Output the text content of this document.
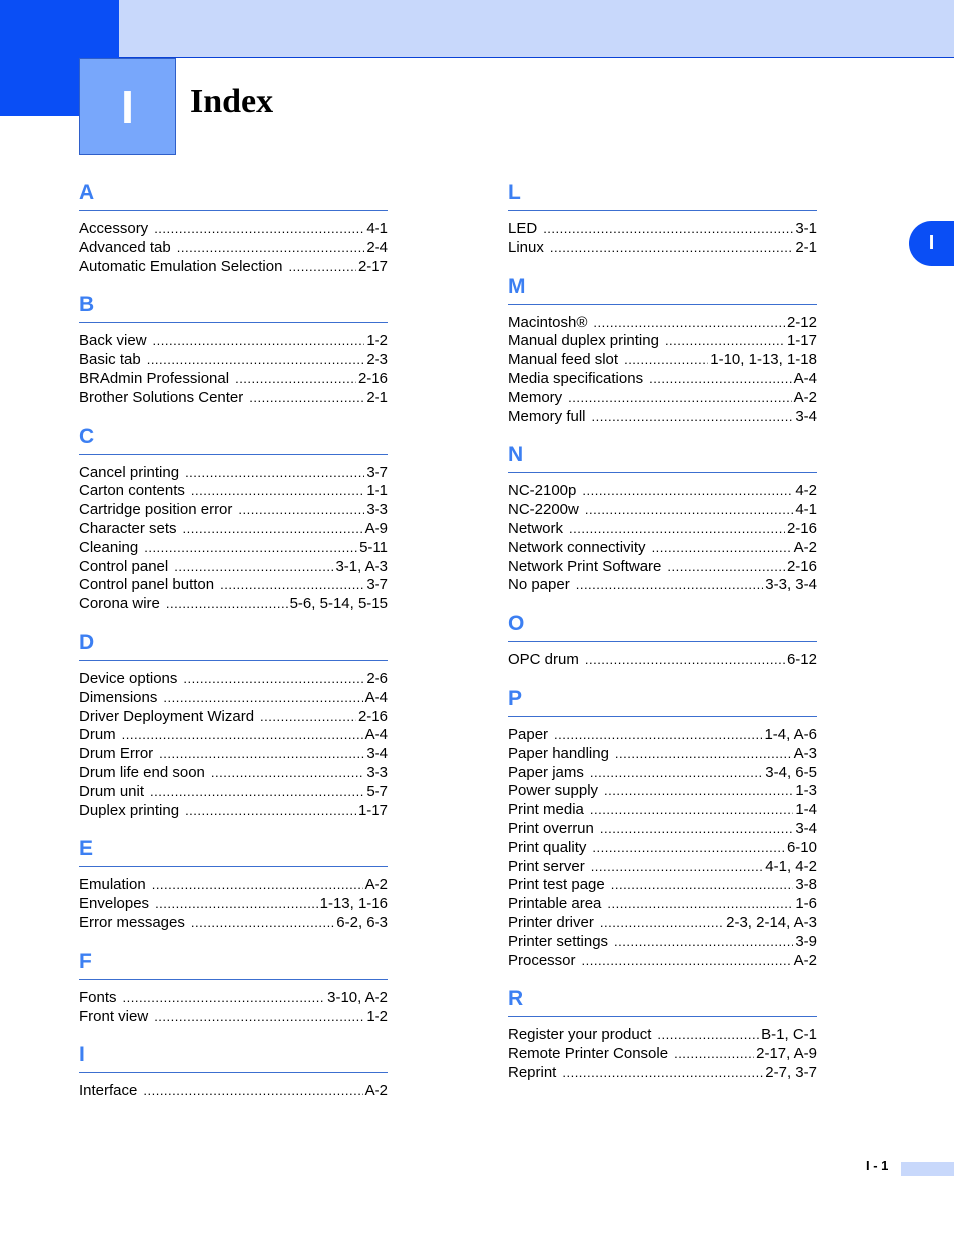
I	Index
I
A
Accessory .....	4-1
Advanced tab .....	2-4
Automatic Emulation Selection .....	2-17
B
Back view .....	1-2
Basic tab .....	2-3
BRAdmin Professional .....	2-16
Brother Solutions Center .....	2-1
C
Cancel printing .....	3-7
Carton contents .....	1-1
Cartridge position error .....	3-3
Character sets .....	A-9
Cleaning .....	5-11
Control panel .....	3-1, A-3
Control panel button .....	3-7
Corona wire .....	5-6, 5-14, 5-15
D
Device options .....	2-6
Dimensions .....	A-4
Driver Deployment Wizard .....	2-16
Drum .....	A-4
Drum Error .....	3-4
Drum life end soon .....	3-3
Drum unit .....	5-7
Duplex printing .....	1-17
E
Emulation .....	A-2
Envelopes .....	1-13, 1-16
Error messages .....	6-2, 6-3
F
Fonts .....	3-10, A-2
Front view .....	1-2
I
Interface .....	A-2
L
LED .....	3-1
Linux .....	2-1
M
Macintosh® .....	2-12
Manual duplex printing .....	1-17
Manual feed slot .....	1-10, 1-13, 1-18
Media specifications .....	A-4
Memory .....	A-2
Memory full .....	3-4
N
NC-2100p .....	4-2
NC-2200w .....	4-1
Network .....	2-16
Network connectivity .....	A-2
Network Print Software .....	2-16
No paper .....	3-3, 3-4
O
OPC drum .....	6-12
P
Paper .....	1-4, A-6
Paper handling .....	A-3
Paper jams .....	3-4, 6-5
Power supply .....	1-3
Print media .....	1-4
Print overrun .....	3-4
Print quality .....	6-10
Print server .....	4-1, 4-2
Print test page .....	3-8
Printable area .....	1-6
Printer driver .....	2-3, 2-14, A-3
Printer settings .....	3-9
Processor .....	A-2
R
Register your product .....	B-1, C-1
Remote Printer Console .....	2-17, A-9
Reprint .....	2-7, 3-7
I - 1
